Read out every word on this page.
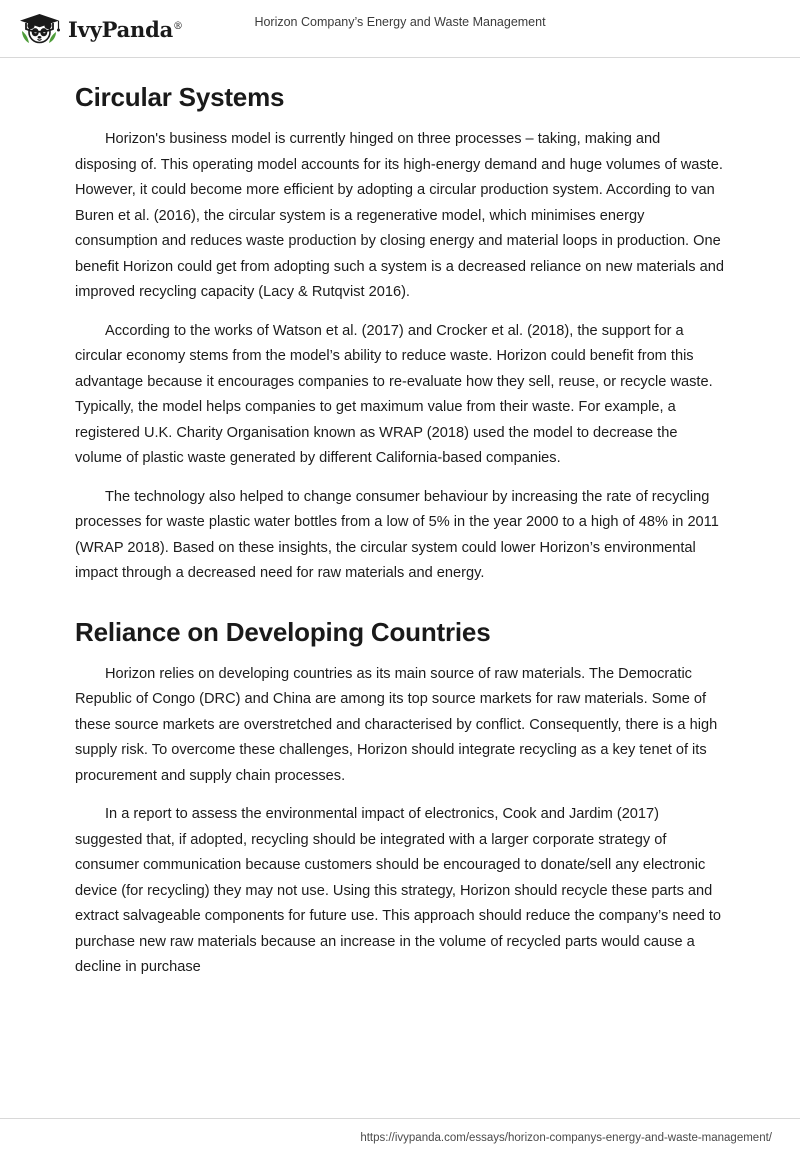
IvyPanda®	Horizon Company’s Energy and Waste Management
Circular Systems

Horizon's business model is currently hinged on three processes – taking, making and disposing of. This operating model accounts for its high-energy demand and huge volumes of waste. However, it could become more efficient by adopting a circular production system. According to van Buren et al. (2016), the circular system is a regenerative model, which minimises energy consumption and reduces waste production by closing energy and material loops in production. One benefit Horizon could get from adopting such a system is a decreased reliance on new materials and improved recycling capacity (Lacy & Rutqvist 2016).

According to the works of Watson et al. (2017) and Crocker et al. (2018), the support for a circular economy stems from the model’s ability to reduce waste. Horizon could benefit from this advantage because it encourages companies to re-evaluate how they sell, reuse, or recycle waste. Typically, the model helps companies to get maximum value from their waste. For example, a registered U.K. Charity Organisation known as WRAP (2018) used the model to decrease the volume of plastic waste generated by different California-based companies.

The technology also helped to change consumer behaviour by increasing the rate of recycling processes for waste plastic water bottles from a low of 5% in the year 2000 to a high of 48% in 2011 (WRAP 2018). Based on these insights, the circular system could lower Horizon’s environmental impact through a decreased need for raw materials and energy.

Reliance on Developing Countries

Horizon relies on developing countries as its main source of raw materials. The Democratic Republic of Congo (DRC) and China are among its top source markets for raw materials. Some of these source markets are overstretched and characterised by conflict. Consequently, there is a high supply risk. To overcome these challenges, Horizon should integrate recycling as a key tenet of its procurement and supply chain processes.

In a report to assess the environmental impact of electronics, Cook and Jardim (2017) suggested that, if adopted, recycling should be integrated with a larger corporate strategy of consumer communication because customers should be encouraged to donate/sell any electronic device (for recycling) they may not use. Using this strategy, Horizon should recycle these parts and extract salvageable components for future use. This approach should reduce the company’s need to purchase new raw materials because an increase in the volume of recycled parts would cause a decline in purchase

https://ivypanda.com/essays/horizon-companys-energy-and-waste-management/
